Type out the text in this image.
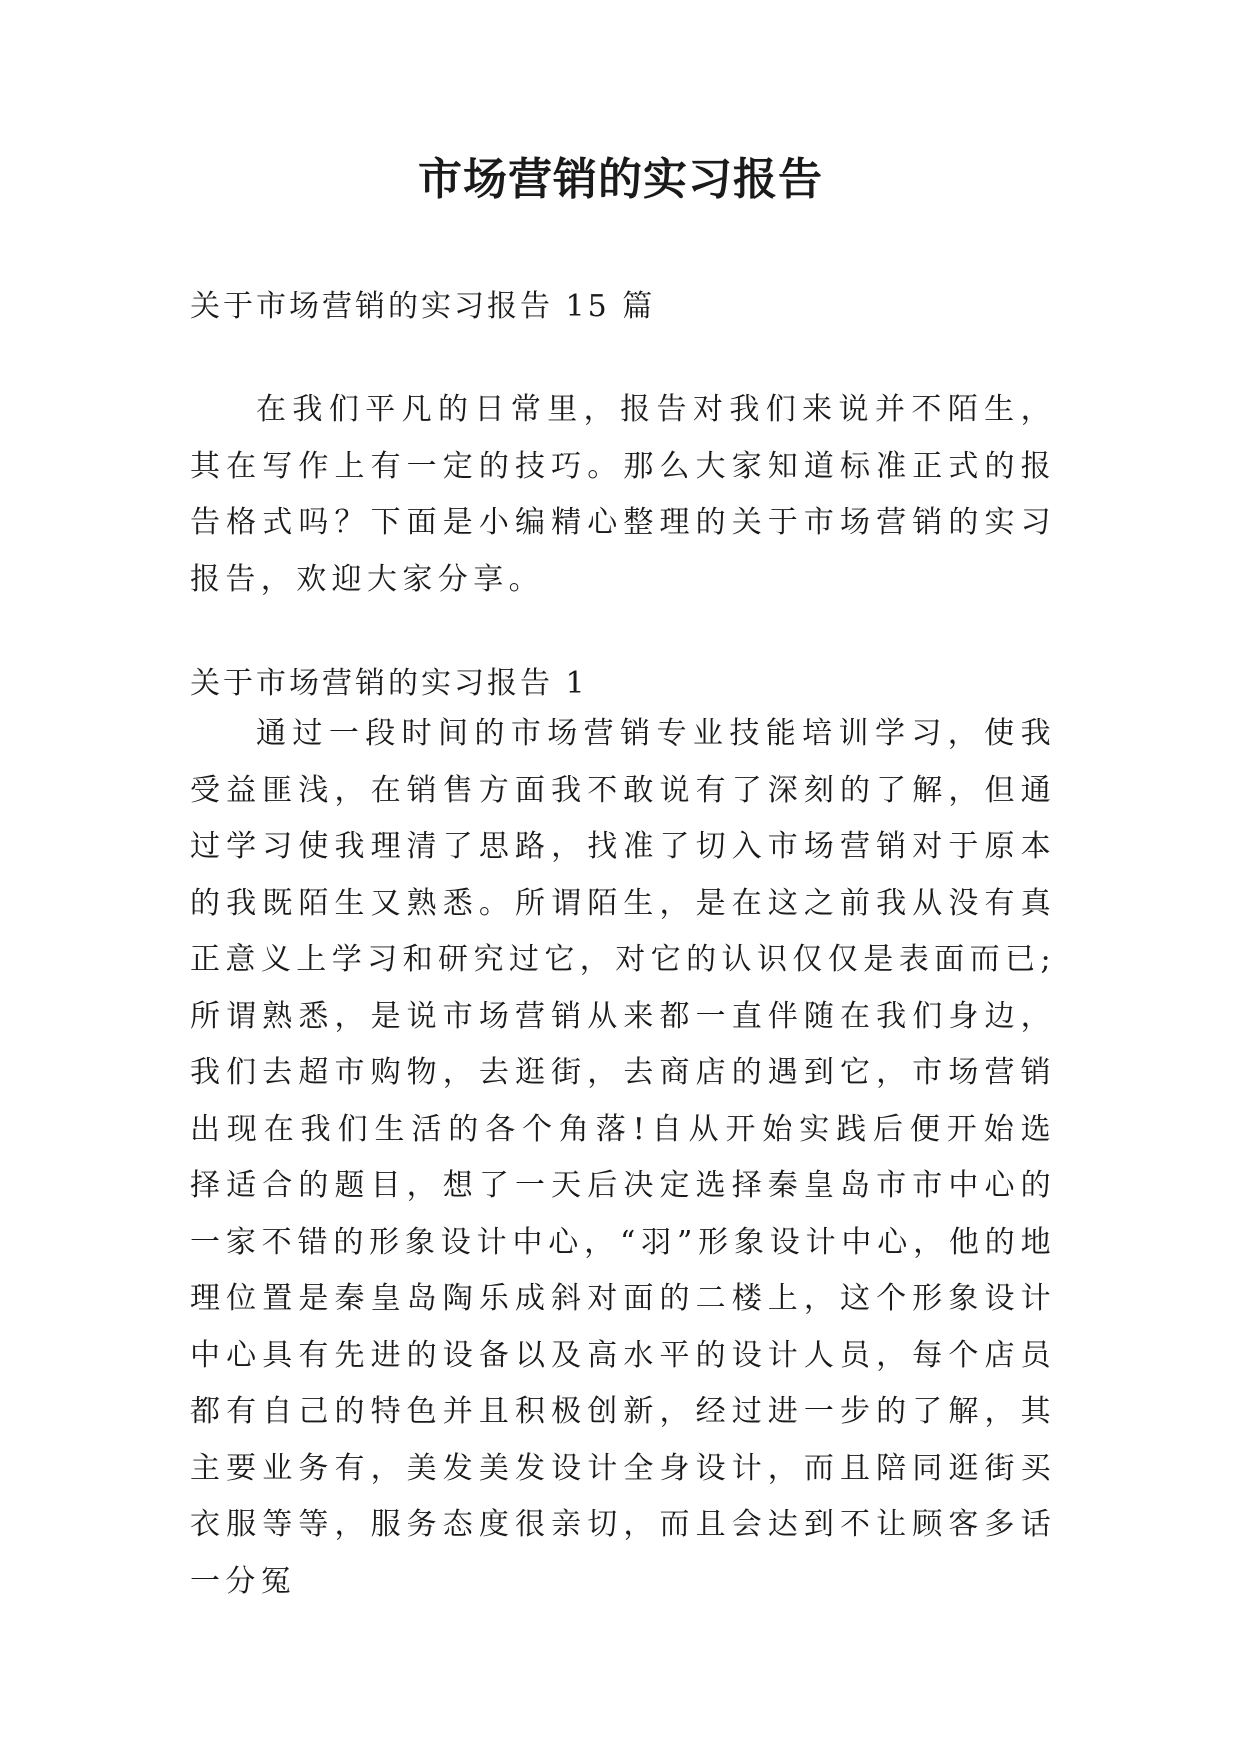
市场营销的实习报告

关于市场营销的实习报告 15 篇

在我们平凡的日常里，报告对我们来说并不陌生，其在写作上有一定的技巧。那么大家知道标准正式的报告格式吗？下面是小编精心整理的关于市场营销的实习报告，欢迎大家分享。

关于市场营销的实习报告 1

通过一段时间的市场营销专业技能培训学习，使我受益匪浅，在销售方面我不敢说有了深刻的了解，但通过学习使我理清了思路，找准了切入市场营销对于原本的我既陌生又熟悉。所谓陌生，是在这之前我从没有真正意义上学习和研究过它，对它的认识仅仅是表面而已;所谓熟悉，是说市场营销从来都一直伴随在我们身边，我们去超市购物，去逛街，去商店的遇到它，市场营销出现在我们生活的各个角落!自从开始实践后便开始选择适合的题目，想了一天后决定选择秦皇岛市市中心的一家不错的形象设计中心，“羽”形象设计中心，他的地理位置是秦皇岛陶乐成斜对面的二楼上，这个形象设计中心具有先进的设备以及高水平的设计人员，每个店员都有自己的特色并且积极创新，经过进一步的了解，其主要业务有，美发美发设计全身设计，而且陪同逛街买衣服等等，服务态度很亲切，而且会达到不让顾客多话一分冤
